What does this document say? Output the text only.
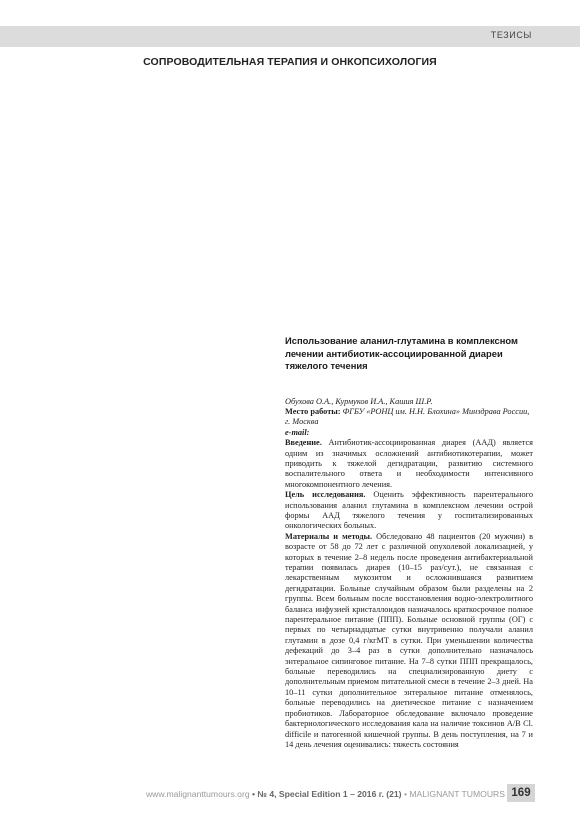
ТЕЗИСЫ
СОПРОВОДИТЕЛЬНАЯ ТЕРАПИЯ И ОНКОПСИХОЛОГИЯ
Использование аланил-глутамина в комплексном лечении антибиотик-ассоциированной диареи тяжелого течения
Обухова О.А., Курмуков И.А., Кашия Ш.Р.
Место работы: ФГБУ «РОНЦ им. Н.Н. Блохина» Минздрава России, г. Москва
e-mail:

Введение. Антибиотик-ассоциированная диарея (ААД) является одним из значимых осложнений антибиотикотерапии, может приводить к тяжелой дегидратации, развитию системного воспалительного ответа и необходимости интенсивного многокомпонентного лечения.

Цель исследования. Оценить эффективность парентерального использования аланил глутамина в комплексном лечении острой формы ААД тяжелого течения у госпитализированных онкологических больных.

Материалы и методы. Обследовано 48 пациентов (20 мужчин) в возрасте от 58 до 72 лет с различной опухолевой локализацией, у которых в течение 2–8 недель после проведения антибактериальной терапии появилась диарея (10–15 раз/сут.), не связанная с лекарственным мукозитом и осложнившаяся развитием дегидратации. Больные случайным образом были разделены на 2 группы. Всем больным после восстановления водно-электролитного баланса инфузией кристаллоидов назначалось краткосрочное полное парентеральное питание (ППП). Больные основной группы (ОГ) с первых по четырнадцатые сутки внутривенно получали аланил глутамин в дозе 0,4 г/кгМТ в сутки. При уменьшении количества дефекаций до 3–4 раз в сутки дополнительно назначалось энтеральное сипинговое питание. На 7–8 сутки ППП прекращалось, больные переводились на специализированную диету с дополнительным приемом питательной смеси в течение 2–3 дней. На 10–11 сутки дополнительное энтеральное питание отменялось, больные переводились на диетическое питание с назначением пробиотиков. Лабораторное обследование включало проведение бактериологического исследования кала на наличие токсинов A/B Cl. difficile и патогенной кишечной группы. В день поступления, на 7 и 14 день лечения оценивались: тяжесть состояния

www.malignanttumours.org • № 4, Special Edition 1 – 2016 г. (21) • MALIGNANT TUMOURS 169
